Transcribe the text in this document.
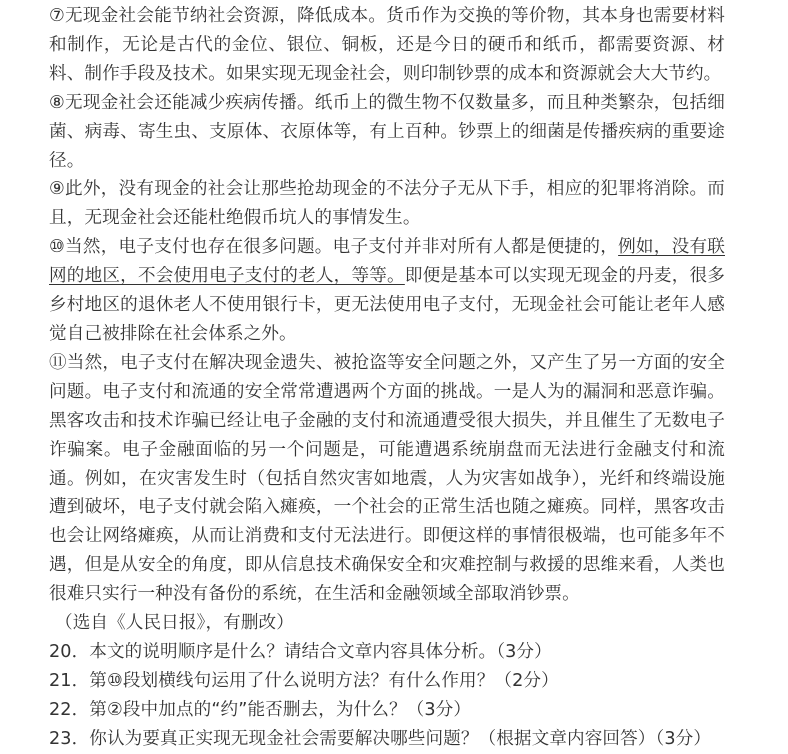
⑦无现金社会能节纳社会资源，降低成本。货币作为交换的等价物，其本身也需要材料和制作，无论是古代的金位、银位、铜板，还是今日的硬币和纸币，都需要资源、材料、制作手段及技术。如果实现无现金社会，则印制钞票的成本和资源就会大大节约。

⑧无现金社会还能减少疾病传播。纸币上的微生物不仅数量多，而且种类繁杂，包括细菌、病毒、寄生虫、支原体、衣原体等，有上百种。钞票上的细菌是传播疾病的重要途径。

⑨此外，没有现金的社会让那些抢劫现金的不法分子无从下手，相应的犯罪将消除。而且，无现金社会还能杜绝假币坑人的事情发生。

⑩当然，电子支付也存在很多问题。电子支付并非对所有人都是便捷的，例如，没有联网的地区，不会使用电子支付的老人，等等。即便是基本可以实现无现金的丹麦，很多乡村地区的退休老人不使用银行卡，更无法使用电子支付，无现金社会可能让老年人感觉自己被排除在社会体系之外。

⑪当然，电子支付在解决现金遗失、被抢盗等安全问题之外，又产生了另一方面的安全问题。电子支付和流通的安全常常遭遇两个方面的挑战。一是人为的漏洞和恶意诈骗。黑客攻击和技术诈骗已经让电子金融的支付和流通遭受很大损失，并且催生了无数电子诈骗案。电子金融面临的另一个问题是，可能遭遇系统崩盘而无法进行金融支付和流通。例如，在灾害发生时（包括自然灾害如地震，人为灾害如战争），光纤和终端设施遭到破坏，电子支付就会陷入瘫痪，一个社会的正常生活也随之瘫痪。同样，黑客攻击也会让网络瘫痪，从而让消费和支付无法进行。即便这样的事情很极端，也可能多年不遇，但是从安全的角度，即从信息技术确保安全和灾难控制与救援的思维来看，人类也很难只实行一种没有备份的系统，在生活和金融领域全部取消钞票。

（选自《人民日报》，有删改）

20．本文的说明顺序是什么？请结合文章内容具体分析。（3分）

21．第⑩段划横线句运用了什么说明方法？有什么作用？（2分）

22．第②段中加点的“约”能否删去，为什么？（3分）

23．你认为要真正实现无现金社会需要解决哪些问题？（根据文章内容回答）（3分）
